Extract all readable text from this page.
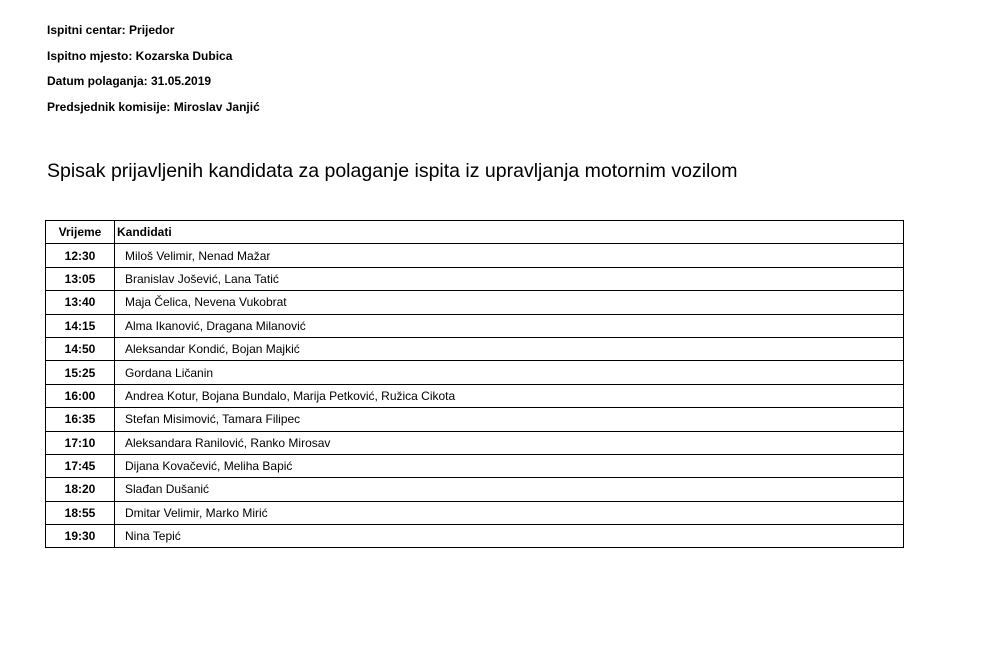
Ispitni centar: Prijedor
Ispitno mjesto: Kozarska Dubica
Datum polaganja: 31.05.2019
Predsjednik komisije: Miroslav Janjić
Spisak prijavljenih kandidata za polaganje ispita iz upravljanja motornim vozilom
Vrijeme	Kandidati
12:30	Miloš Velimir, Nenad Mažar
13:05	Branislav Jošević, Lana Tatić
13:40	Maja Čelica, Nevena Vukobrat
14:15	Alma Ikanović, Dragana Milanović
14:50	Aleksandar Kondić, Bojan Majkić
15:25	Gordana Ličanin
16:00	Andrea Kotur, Bojana Bundalo, Marija Petković, Ružica Cikota
16:35	Stefan Misimović, Tamara Filipec
17:10	Aleksandara Ranilović, Ranko Mirosav
17:45	Dijana Kovačević, Meliha Bapić
18:20	Slađan Dušanić
18:55	Dmitar Velimir, Marko Mirić
19:30	Nina Tepić
